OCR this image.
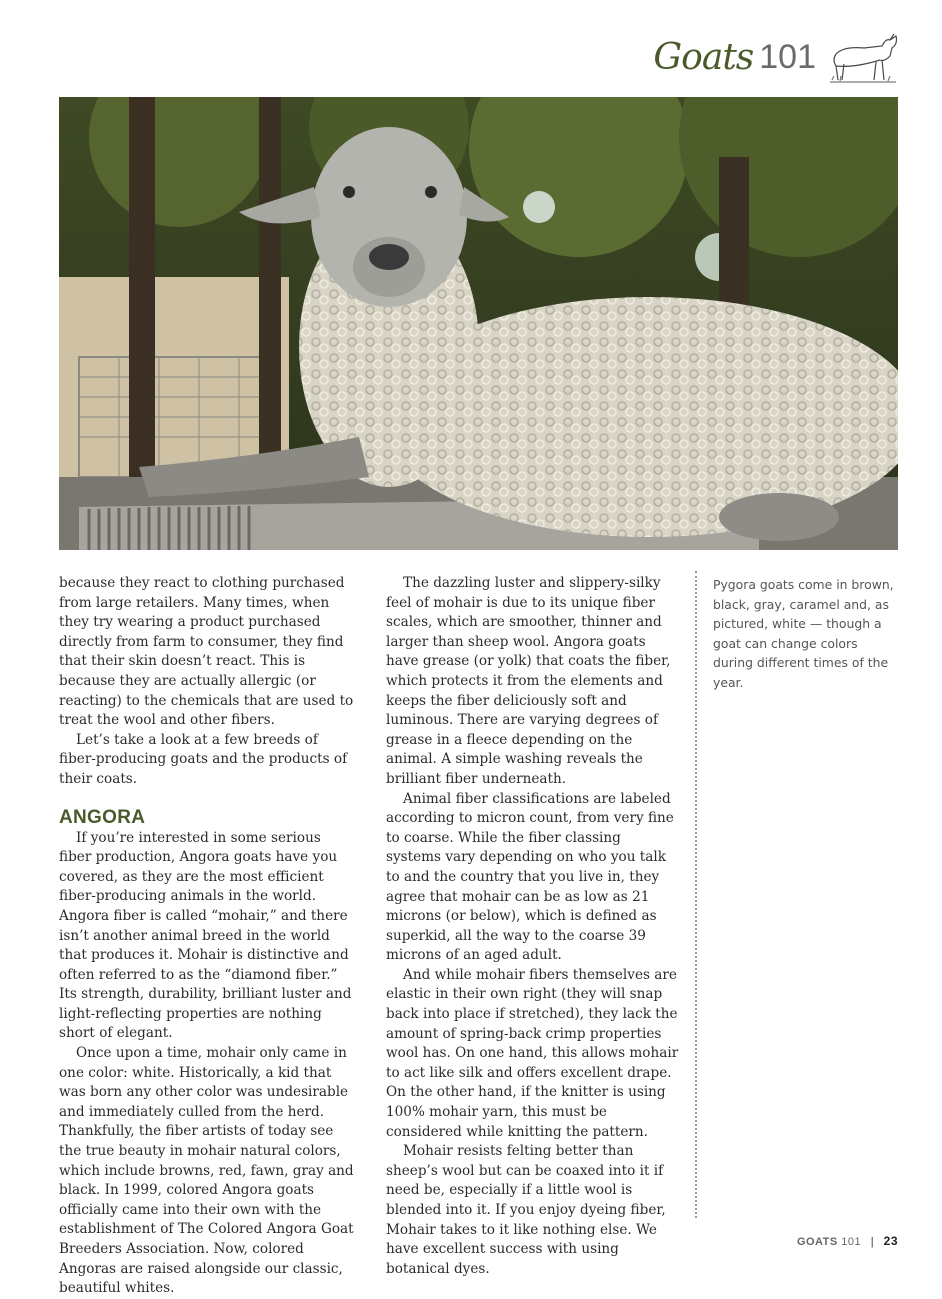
Goats 101

because they react to clothing purchased from large retailers. Many times, when they try wearing a product purchased directly from farm to consumer, they find that their skin doesn’t react. This is because they are actually allergic (or reacting) to the chemicals that are used to treat the wool and other fibers.

Let’s take a look at a few breeds of fiber-producing goats and the products of their coats.

ANGORA

If you’re interested in some serious fiber production, Angora goats have you covered, as they are the most efficient fiber-producing animals in the world. Angora fiber is called “mohair,” and there isn’t another animal breed in the world that produces it. Mohair is distinctive and often referred to as the “diamond fiber.” Its strength, durability, brilliant luster and light-reflecting properties are nothing short of elegant.

Once upon a time, mohair only came in one color: white. Historically, a kid that was born any other color was undesirable and immediately culled from the herd. Thankfully, the fiber artists of today see the true beauty in mohair natural colors, which include browns, red, fawn, gray and black. In 1999, colored Angora goats officially came into their own with the establishment of The Colored Angora Goat Breeders Association. Now, colored Angoras are raised alongside our classic, beautiful whites.

The dazzling luster and slippery-silky feel of mohair is due to its unique fiber scales, which are smoother, thinner and larger than sheep wool. Angora goats have grease (or yolk) that coats the fiber, which protects it from the elements and keeps the fiber deliciously soft and luminous. There are varying degrees of grease in a fleece depending on the animal. A simple washing reveals the brilliant fiber underneath.

Animal fiber classifications are labeled according to micron count, from very fine to coarse. While the fiber classing systems vary depending on who you talk to and the country that you live in, they agree that mohair can be as low as 21 microns (or below), which is defined as superkid, all the way to the coarse 39 microns of an aged adult.

And while mohair fibers themselves are elastic in their own right (they will snap back into place if stretched), they lack the amount of spring-back crimp properties wool has. On one hand, this allows mohair to act like silk and offers excellent drape. On the other hand, if the knitter is using 100% mohair yarn, this must be considered while knitting the pattern.

Mohair resists felting better than sheep’s wool but can be coaxed into it if need be, especially if a little wool is blended into it. If you enjoy dyeing fiber, Mohair takes to it like nothing else. We have excellent success with using botanical dyes.

Pygora goats come in brown, black, gray, caramel and, as pictured, white — though a goat can change colors during different times of the year.
GOATS 101 | 23
